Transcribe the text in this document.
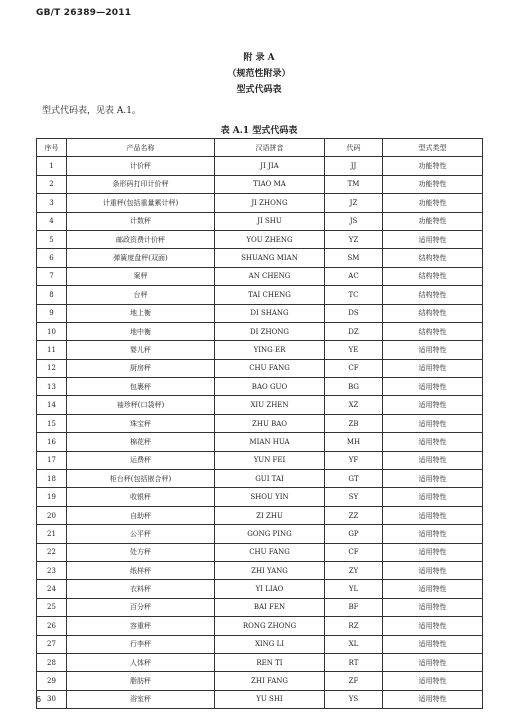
GB/T 26389—2011
附 录 A
（规范性附录）
型式代码表
型式代码表，见表 A.1。
表 A.1 型式代码表
序号	产品名称	汉语拼音	代码	型式类型
1	计价秤	JI JIA	JJ	功能特性
2	条形码打印计价秤	TIAO MA	TM	功能特性
3	计重秤(包括重量累计秤)	JI ZHONG	JZ	功能特性
4	计数秤	JI SHU	JS	功能特性
5	邮政资费计价秤	YOU ZHENG	YZ	适用特性
6	弹簧度盘秤(双面)	SHUANG MIAN	SM	结构特性
7	案秤	AN CHENG	AC	结构特性
8	台秤	TAI CHENG	TC	结构特性
9	地上衡	DI SHANG	DS	结构特性
10	地中衡	DI ZHONG	DZ	结构特性
11	婴儿秤	YING ER	YE	适用特性
12	厨房秤	CHU FANG	CF	适用特性
13	包裹秤	BAO GUO	BG	适用特性
14	袖珍秤(口袋秤)	XIU ZHEN	XZ	适用特性
15	珠宝秤	ZHU BAO	ZB	适用特性
16	棉花秤	MIAN HUA	MH	适用特性
17	运费秤	YUN FEI	YF	适用特性
18	柜台秤(包括嵌合秤)	GUI TAI	GT	适用特性
19	收银秤	SHOU YIN	SY	适用特性
20	自助秤	ZI ZHU	ZZ	适用特性
21	公平秤	GONG PING	GP	适用特性
22	处方秤	CHU FANG	CF	适用特性
23	纸样秤	ZHI YANG	ZY	适用特性
24	衣料秤	YI LIAO	YL	适用特性
25	百分秤	BAI FEN	BF	适用特性
26	容重秤	RONG ZHONG	RZ	适用特性
27	行李秤	XING LI	XL	适用特性
28	人体秤	REN TI	RT	适用特性
29	脂肪秤	ZHI FANG	ZF	适用特性
30	浴室秤	YU SHI	YS	适用特性
6
